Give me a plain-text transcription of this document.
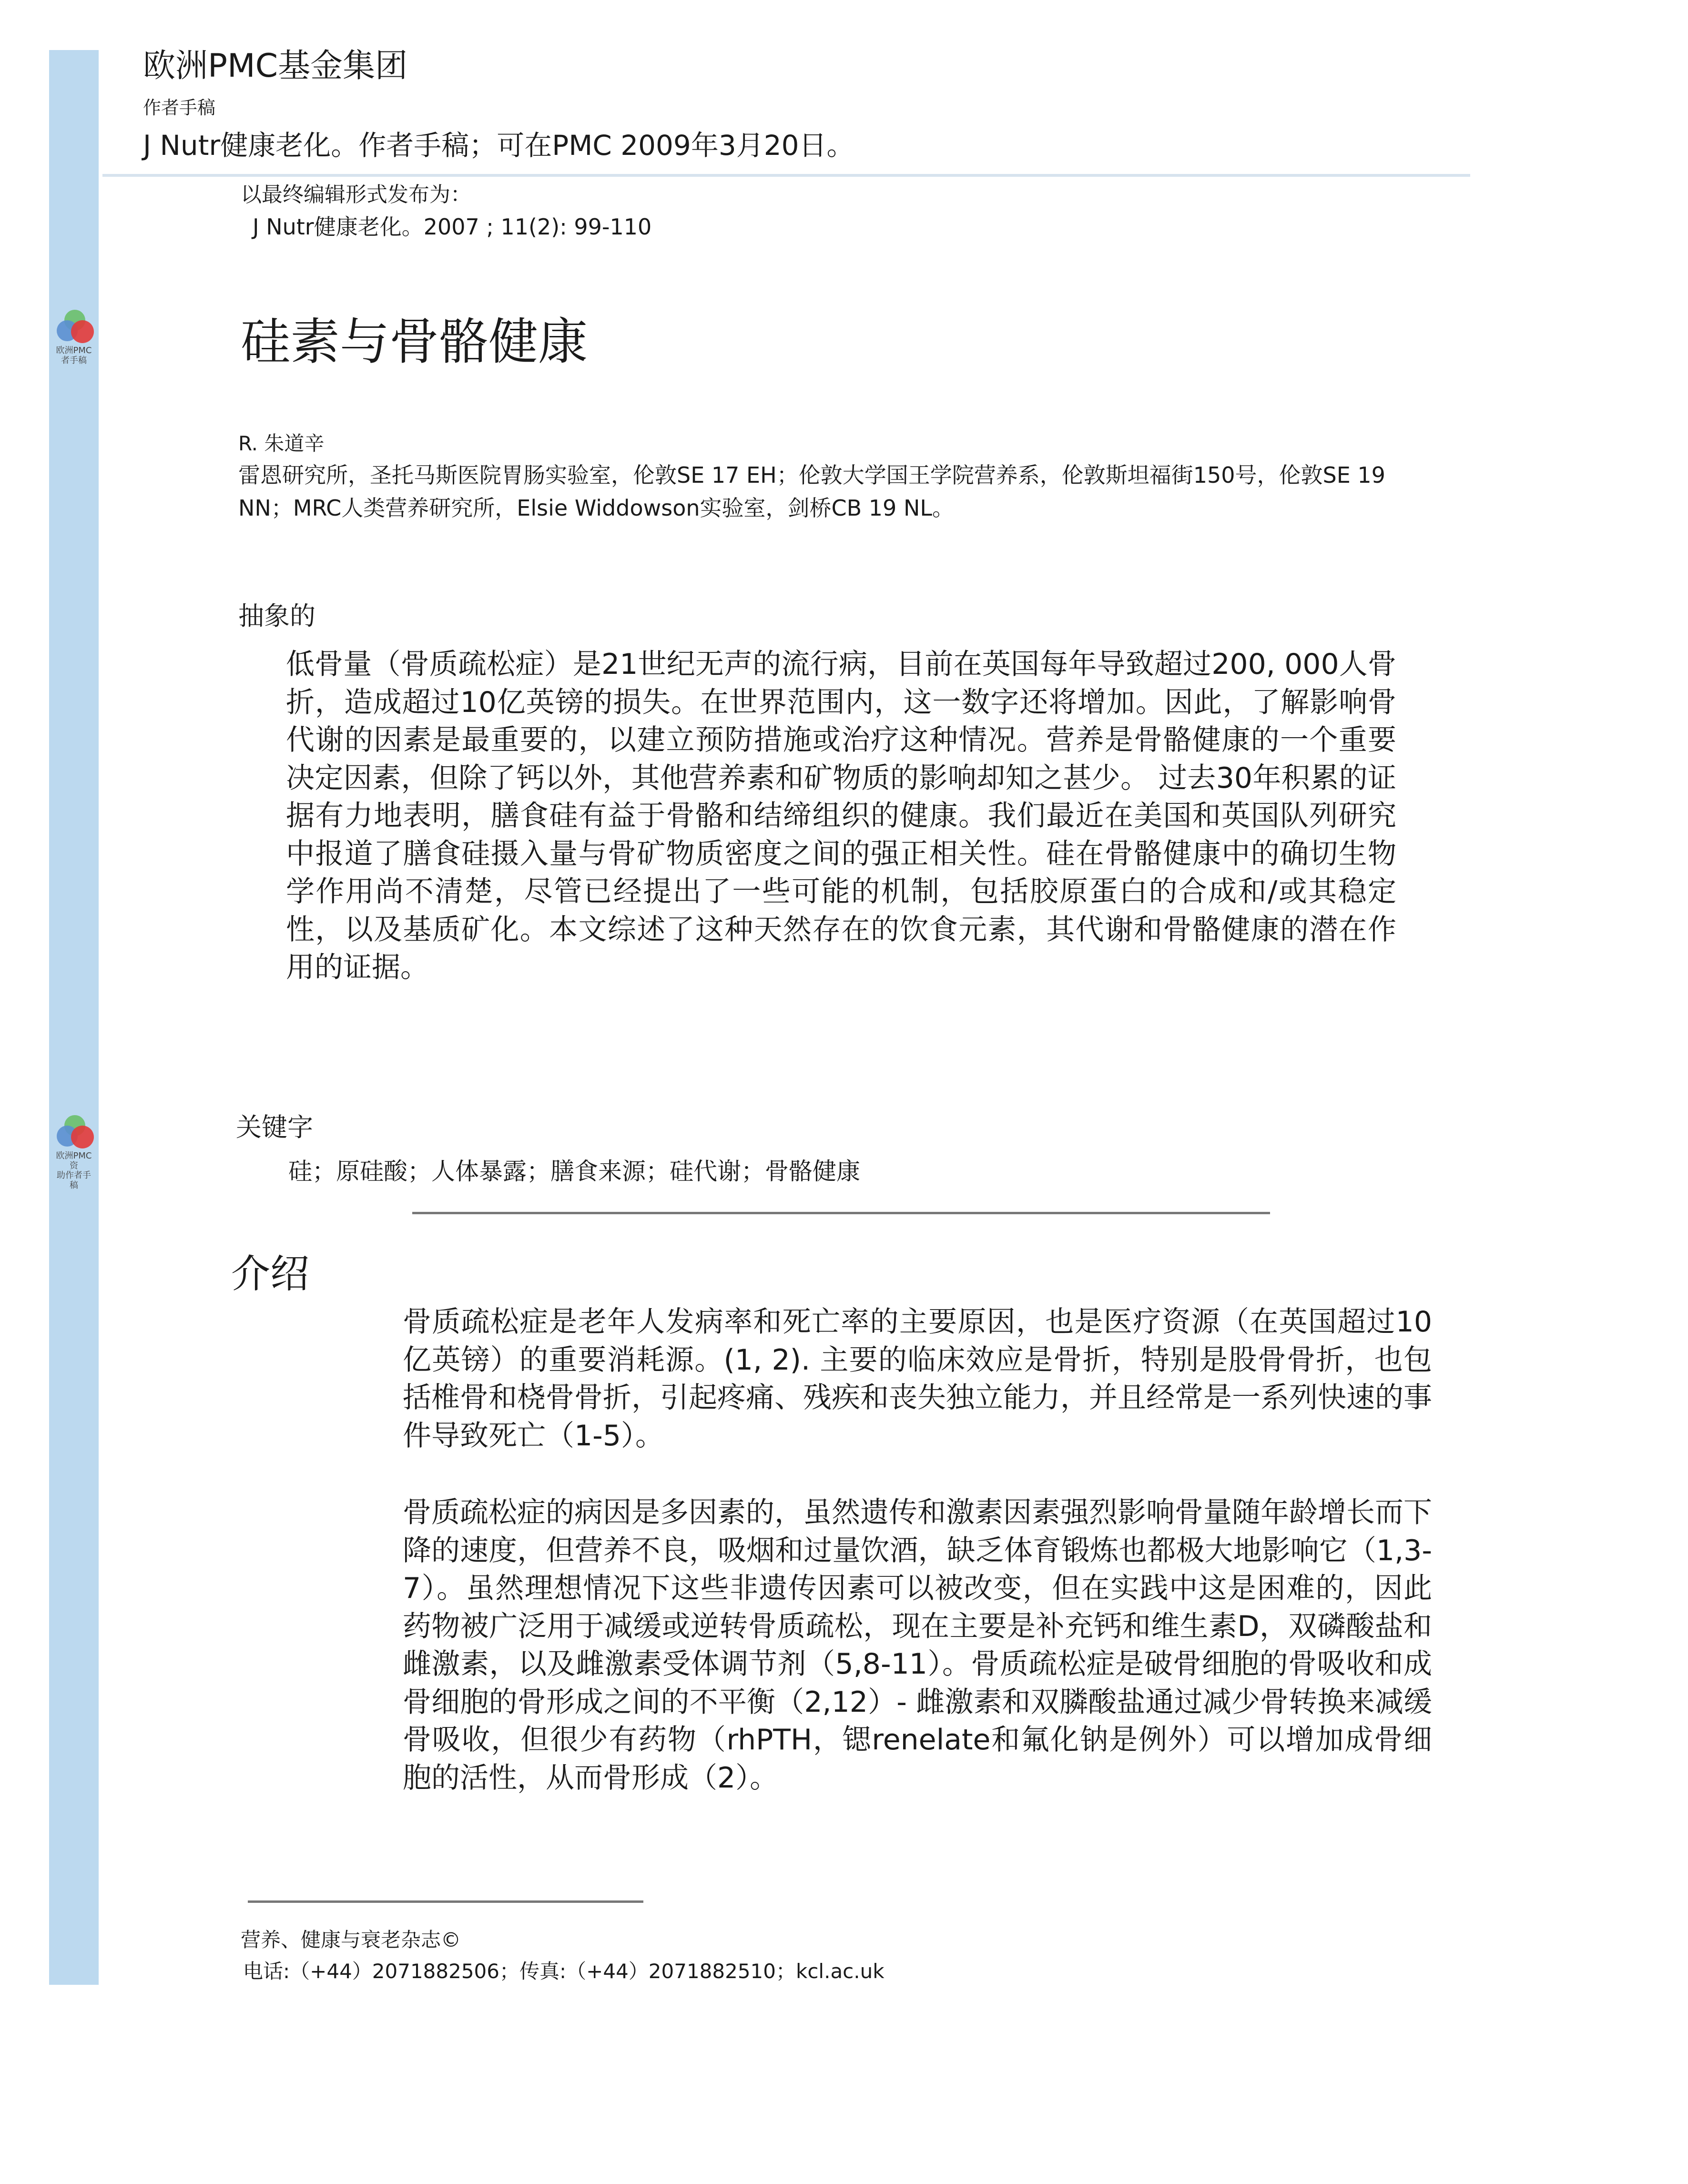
欧洲PMC基金集团
作者手稿
J Nutr健康老化。作者手稿；可在PMC 2009年3月20日。
以最终编辑形式发布为：
J Nutr健康老化。2007 ; 11(2): 99-110
欧洲PMC
者手稿
欧洲PMC资
助作者手
稿
硅素与骨骼健康
R. 朱道辛
雷恩研究所，圣托马斯医院胃肠实验室，伦敦SE 17 EH；伦敦大学国王学院营养系，伦敦斯坦福街150号，伦敦SE 19 NN；MRC人类营养研究所，Elsie Widdowson实验室，剑桥CB 19 NL。
抽象的
低骨量（骨质疏松症）是21世纪无声的流行病，目前在英国每年导致超过200, 000人骨折，造成超过10亿英镑的损失。在世界范围内，这一数字还将增加。因此，了解影响骨代谢的因素是最重要的，以建立预防措施或治疗这种情况。营养是骨骼健康的一个重要决定因素，但除了钙以外，其他营养素和矿物质的影响却知之甚少。 过去30年积累的证据有力地表明，膳食硅有益于骨骼和结缔组织的健康。我们最近在美国和英国队列研究中报道了膳食硅摄入量与骨矿物质密度之间的强正相关性。硅在骨骼健康中的确切生物学作用尚不清楚，尽管已经提出了一些可能的机制，包括胶原蛋白的合成和/或其稳定性，以及基质矿化。本文综述了这种天然存在的饮食元素，其代谢和骨骼健康的潜在作用的证据。
关键字
硅；原硅酸；人体暴露；膳食来源；硅代谢；骨骼健康
介绍
骨质疏松症是老年人发病率和死亡率的主要原因，也是医疗资源（在英国超过10亿英镑）的重要消耗源。(1, 2). 主要的临床效应是骨折，特别是股骨骨折，也包括椎骨和桡骨骨折，引起疼痛、残疾和丧失独立能力，并且经常是一系列快速的事件导致死亡（1-5）。
骨质疏松症的病因是多因素的，虽然遗传和激素因素强烈影响骨量随年龄增长而下降的速度，但营养不良，吸烟和过量饮酒，缺乏体育锻炼也都极大地影响它（1,3-7）。虽然理想情况下这些非遗传因素可以被改变，但在实践中这是困难的，因此药物被广泛用于减缓或逆转骨质疏松，现在主要是补充钙和维生素D，双磷酸盐和雌激素，以及雌激素受体调节剂（5,8-11）。骨质疏松症是破骨细胞的骨吸收和成骨细胞的骨形成之间的不平衡（2,12）- 雌激素和双膦酸盐通过减少骨转换来减缓骨吸收，但很少有药物（rhPTH，锶renelate和氟化钠是例外）可以增加成骨细胞的活性，从而骨形成（2）。
营养、健康与衰老杂志©
电话:（+44）2071882506；传真:（+44）2071882510；kcl.ac.uk
